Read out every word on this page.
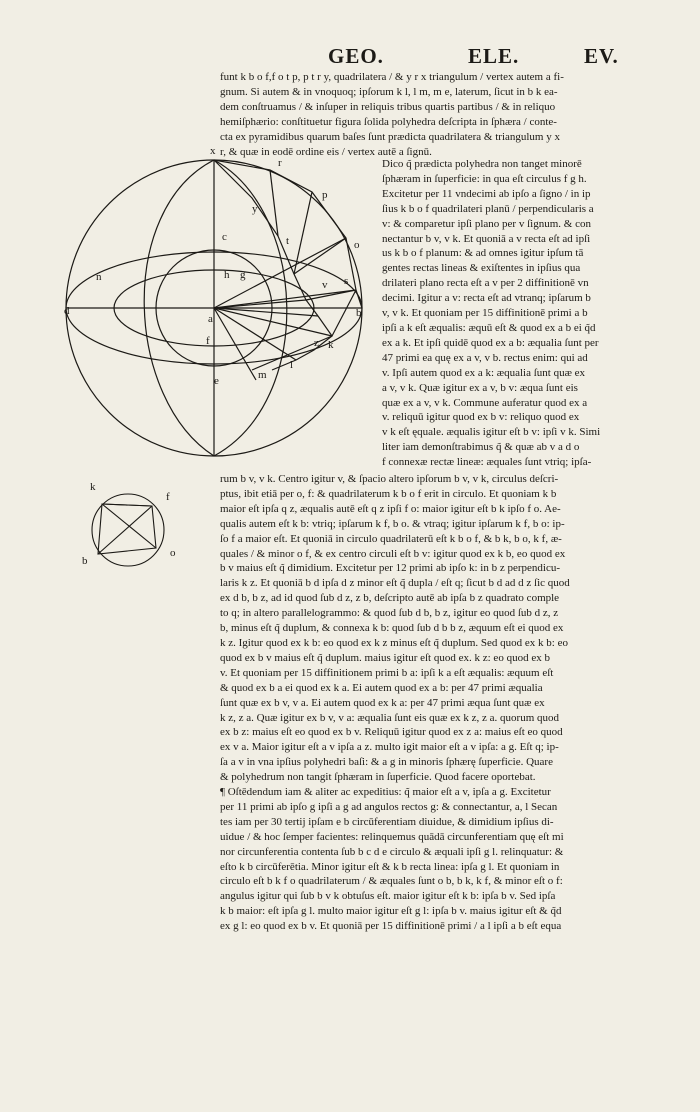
GEO.	ELE.	EV.
funt k b o f,f o t p, p t r y, quadrilatera / & y r x triangulum / vertex autem a fi-
gnum. Si autem & in vnoquoq; ipſorum k l, l m, m e, laterum, ſicut in b k ea-
dem conſtruamus / & inſuper in reliquis tribus quartis partibus / & in reliquo
hemiſphærio: conſtituetur figura ſolida polyhedra deſcripta in ſphæra / conte-
cta ex pyramidibus quarum baſes ſunt prædicta quadrilatera & triangulum y x
r, & quæ in eodē ordine eis / vertex autē a ſignū.
x
r
p
y
o
c	t
n	h g	s
v
d
a	b
k
f
l
z
m
e
Dico q̃ prædicta polyhedra non tanget minorē
ſphæram in ſuperficie: in qua eſt circulus f g h.
Excitetur per 11 vndecimi ab ipſo a ſigno / in ip
ſius k b o f quadrilateri planū / perpendicularis a
v: & comparetur ipſi plano per v ſignum. & con
nectantur b v, v k. Et quoniā a v recta eſt ad ipſi
us k b o f planum: & ad omnes igitur ipſum tā
gentes rectas lineas & exiſtentes in ipſius qua
drilateri plano recta eſt a v per 2 diffinitionē vn
decimi. Igitur a v: recta eſt ad vtranq; ipſarum b
v, v k. Et quoniam per 15 diffinitionē primi a b
ipſi a k eſt æqualis: æquū eſt & quod ex a b ei q̃d
ex a k. Et ipſi quidē quod ex a b: æqualia ſunt per
47 primi ea quę ex a v, v b. rectus enim: qui ad
v. Ipſi autem quod ex a k: æqualia ſunt quæ ex
a v, v k. Quæ igitur ex a v, b v: æqua ſunt eis
quæ ex a v, v k. Commune auferatur quod ex a
v. reliquū igitur quod ex b v: reliquo quod ex
v k eſt ęquale. æqualis igitur eſt b v: ipſi v k. Simi
liter iam demonſtrabimus q̃ & quæ ab v a d o
f connexæ rectæ lineæ: æquales ſunt vtriq; ipſa-
k
f
o
b
rum b v, v k. Centro igitur v, & ſpacio altero ipſorum b v, v k, circulus deſcri-
ptus, ibit etiā per o, f: & quadrilaterum k b o f erit in circulo. Et quoniam k b
maior eſt ipſa q z, æqualis autē eſt q z ipſi f o: maior igitur eſt b k ipſo f o. Ae-
qualis autem eſt k b: vtriq; ipſarum k f, b o. & vtraq; igitur ipſarum k f, b o: ip-
ſo f a maior eſt. Et quoniā in circulo quadrilaterū eſt k b o f, & b k, b o, k f, æ-
quales / & minor o f, & ex centro circuli eſt b v: igitur quod ex k b, eo quod ex
b v maius eſt q̃ dimidium. Excitetur per 12 primi ab ipſo k: in b z perpendicu-
laris k z. Et quoniā b d ipſa d z minor eſt q̃ dupla / eſt q; ſicut b d ad d z ſic quod
ex d b, b z, ad id quod ſub d z, z b, deſcripto autē ab ipſa b z quadrato comple
to q; in altero parallelogrammo: & quod ſub d b, b z, igitur eo quod ſub d z, z
b, minus eſt q̃ duplum, & connexa k b: quod ſub d b b z, æquum eſt ei quod ex
k z. Igitur quod ex k b: eo quod ex k z minus eſt q̃ duplum. Sed quod ex k b: eo
quod ex b v maius eſt q̃ duplum. maius igitur eſt quod ex. k z: eo quod ex b
v. Et quoniam per 15 diffinitionem primi b a: ipſi k a eſt æqualis: æquum eſt
& quod ex b a ei quod ex k a. Ei autem quod ex a b: per 47 primi æqualia
ſunt quæ ex b v, v a. Ei autem quod ex k a: per 47 primi æqua ſunt quæ ex
k z, z a. Quæ igitur ex b v, v a: æqualia ſunt eis quæ ex k z, z a. quorum quod
ex b z: maius eſt eo quod ex b v. Reliquū igitur quod ex z a: maius eſt eo quod
ex v a. Maior igitur eſt a v ipſa a z. multo igit maior eſt a v ipſa: a g. Eſt q; ip-
ſa a v in vna ipſius polyhedri baſi: & a g in minoris ſphærę ſuperficie. Quare
& polyhedrum non tangit ſphæram in ſuperficie. Quod facere oportebat.
¶ Oſtēdendum iam & aliter ac expeditius: q̃ maior eſt a v, ipſa a g. Excitetur
per 11 primi ab ipſo g ipſi a g ad angulos rectos g: & connectantur, a, l Secan
tes iam per 30 tertij ipſam e b circūferentiam diuidue, & dimidium ipſius di-
uidue / & hoc ſemper facientes: relinquemus quādā circunferentiam quę eſt mi
nor circunferentia contenta ſub b c d e circulo & æquali ipſi g l. relinquatur: &
eſto k b circūferētia. Minor igitur eſt & k b recta linea: ipſa g l. Et quoniam in
circulo eſt b k f o quadrilaterum / & æquales ſunt o b, b k, k f, & minor eſt o f:
angulus igitur qui ſub b v k obtuſus eſt. maior igitur eſt k b: ipſa b v. Sed ipſa
k b maior: eſt ipſa g l. multo maior igitur eſt g l: ipſa b v. maius igitur eſt & q̃d
ex g l: eo quod ex b v. Et quoniā per 15 diffinitionē primi / a l ipſi a b eſt equa
